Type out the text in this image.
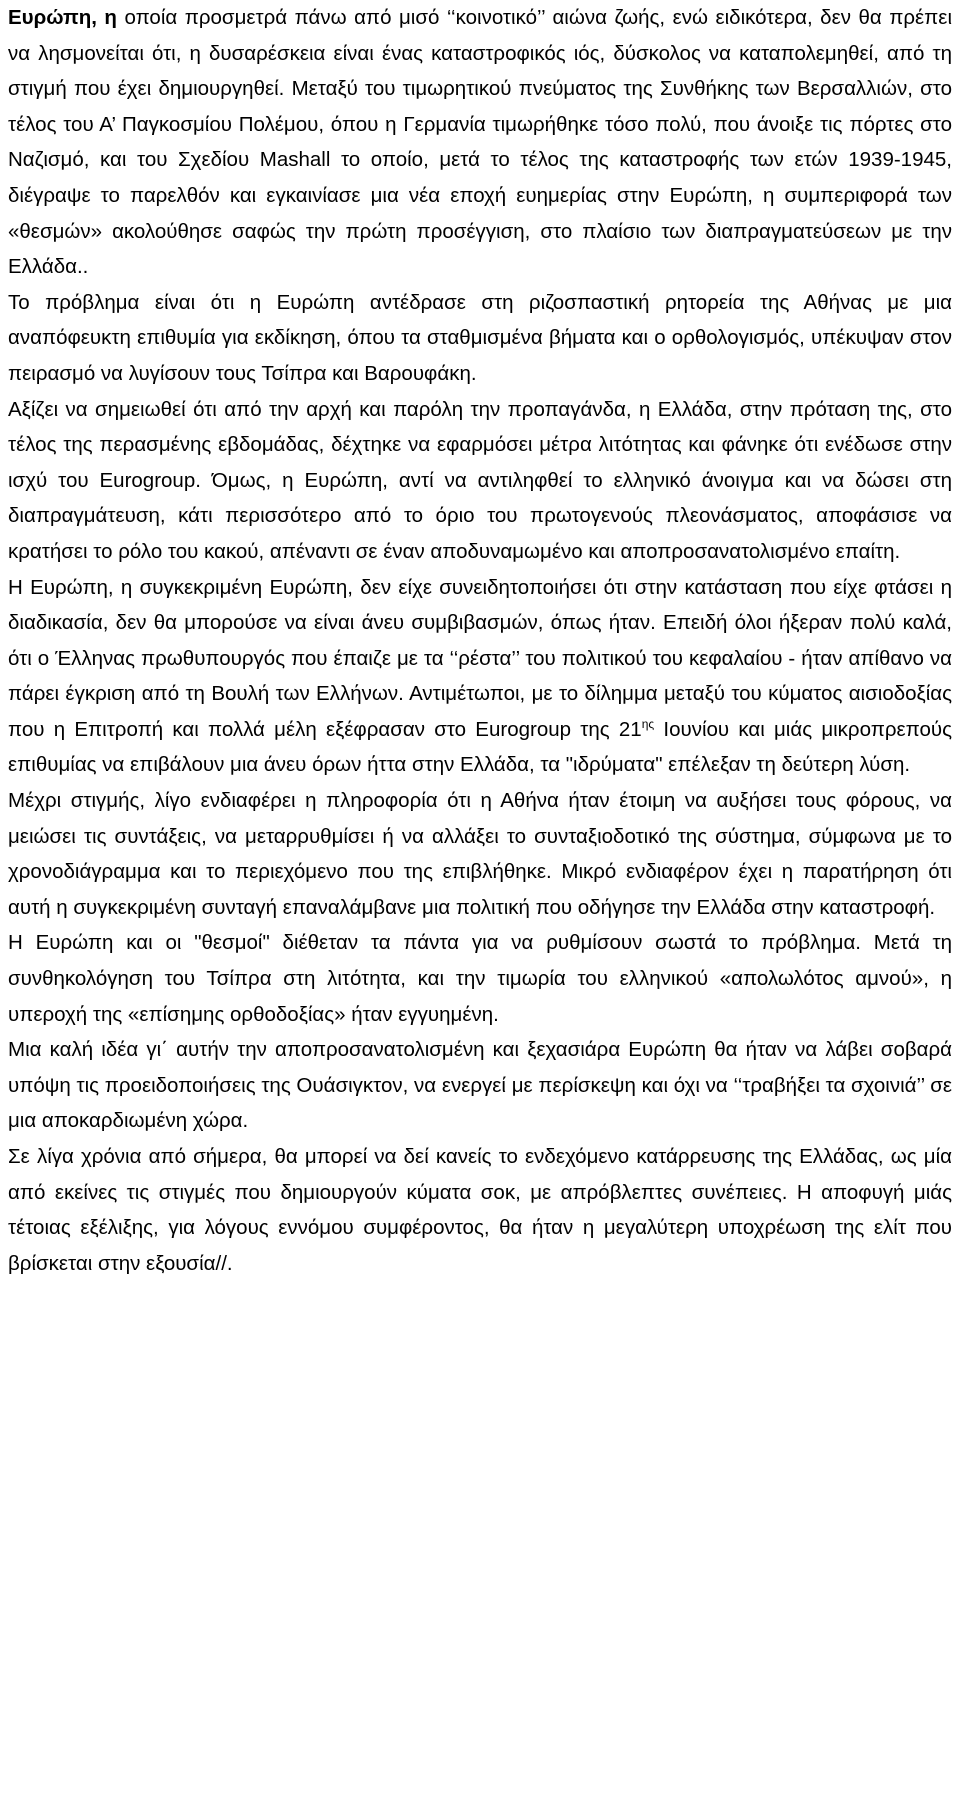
Ευρώπη, η οποία προσμετρά πάνω από μισό ‘‘κοινοτικό’’ αιώνα ζωής, ενώ ειδικότερα, δεν θα πρέπει να λησμονείται ότι, η δυσαρέσκεια είναι ένας καταστροφικός ιός, δύσκολος να καταπολεμηθεί, από τη στιγμή που έχει δημιουργηθεί. Μεταξύ του τιμωρητικού πνεύματος της Συνθήκης των Βερσαλλιών, στο τέλος του Α’ Παγκοσμίου Πολέμου, όπου η Γερμανία τιμωρήθηκε τόσο πολύ, που άνοιξε τις πόρτες στο Ναζισμό, και του Σχεδίου Mashall το οποίο, μετά το τέλος της καταστροφής των ετών 1939-1945, διέγραψε το παρελθόν και εγκαινίασε μια νέα εποχή ευημερίας στην Ευρώπη, η συμπεριφορά των «θεσμών» ακολούθησε σαφώς την πρώτη προσέγγιση, στο πλαίσιο των διαπραγματεύσεων με την Ελλάδα..

Το πρόβλημα είναι ότι η Ευρώπη αντέδρασε στη ριζοσπαστική ρητορεία της Αθήνας με μια αναπόφευκτη επιθυμία για εκδίκηση, όπου τα σταθμισμένα βήματα και ο ορθολογισμός, υπέκυψαν στον πειρασμό να λυγίσουν τους Τσίπρα και Βαρουφάκη.

Αξίζει να σημειωθεί ότι από την αρχή και παρόλη την προπαγάνδα, η Ελλάδα, στην πρόταση της, στο τέλος της περασμένης εβδομάδας, δέχτηκε να εφαρμόσει μέτρα λιτότητας και φάνηκε ότι ενέδωσε στην ισχύ του Eurogroup. Όμως, η Ευρώπη, αντί να αντιληφθεί το ελληνικό άνοιγμα και να δώσει στη διαπραγμάτευση, κάτι περισσότερο από το όριο του πρωτογενούς πλεονάσματος, αποφάσισε να κρατήσει το ρόλο του κακού, απέναντι σε έναν αποδυναμωμένο και αποπροσανατολισμένο επαίτη.

Η Ευρώπη, η συγκεκριμένη Ευρώπη, δεν είχε συνειδητοποιήσει ότι στην κατάσταση που είχε φτάσει η διαδικασία, δεν θα μπορούσε να είναι άνευ συμβιβασμών, όπως ήταν. Επειδή όλοι ήξεραν πολύ καλά, ότι ο Έλληνας πρωθυπουργός που έπαιζε με τα ‘‘ρέστα’’ του πολιτικού του κεφαλαίου - ήταν απίθανο να πάρει έγκριση από τη Βουλή των Ελλήνων. Αντιμέτωποι, με το δίλημμα μεταξύ του κύματος αισιοδοξίας που η Επιτροπή και πολλά μέλη εξέφρασαν στο Eurogroup της $21^{\eta\varsigma}$ Ιουνίου και μιάς μικροπρεπούς επιθυμίας να επιβάλουν μια άνευ όρων ήττα στην Ελλάδα, τα "ιδρύματα" επέλεξαν τη δεύτερη λύση.

Μέχρι στιγμής, λίγο ενδιαφέρει η πληροφορία ότι η Αθήνα ήταν έτοιμη να αυξήσει τους φόρους, να μειώσει τις συντάξεις, να μεταρρυθμίσει ή να αλλάξει το συνταξιοδοτικό της σύστημα, σύμφωνα με το χρονοδιάγραμμα και το περιεχόμενο που της επιβλήθηκε. Μικρό ενδιαφέρον έχει η παρατήρηση ότι αυτή η συγκεκριμένη συνταγή επαναλάμβανε μια πολιτική που οδήγησε την Ελλάδα στην καταστροφή.

Η Ευρώπη και οι "θεσμοί" διέθεταν τα πάντα για να ρυθμίσουν σωστά το πρόβλημα. Μετά τη συνθηκολόγηση του Τσίπρα στη λιτότητα, και την τιμωρία του ελληνικού «απολωλότος αμνού», η υπεροχή της «επίσημης ορθοδοξίας» ήταν εγγυημένη.

Μια καλή ιδέα γι΄ αυτήν την αποπροσανατολισμένη και ξεχασιάρα Ευρώπη θα ήταν να λάβει σοβαρά υπόψη τις προειδοποιήσεις της Ουάσιγκτον, να ενεργεί με περίσκεψη και όχι να ‘‘τραβήξει τα σχοινιά’’ σε μια αποκαρδιωμένη χώρα.

Σε λίγα χρόνια από σήμερα, θα μπορεί να δεί κανείς το ενδεχόμενο κατάρρευσης της Ελλάδας, ως μία από εκείνες τις στιγμές που δημιουργούν κύματα σοκ, με απρόβλεπτες συνέπειες. Η αποφυγή μιάς τέτοιας εξέλιξης, για λόγους εννόμου συμφέροντος, θα ήταν η μεγαλύτερη υποχρέωση της ελίτ που βρίσκεται στην εξουσία//.
